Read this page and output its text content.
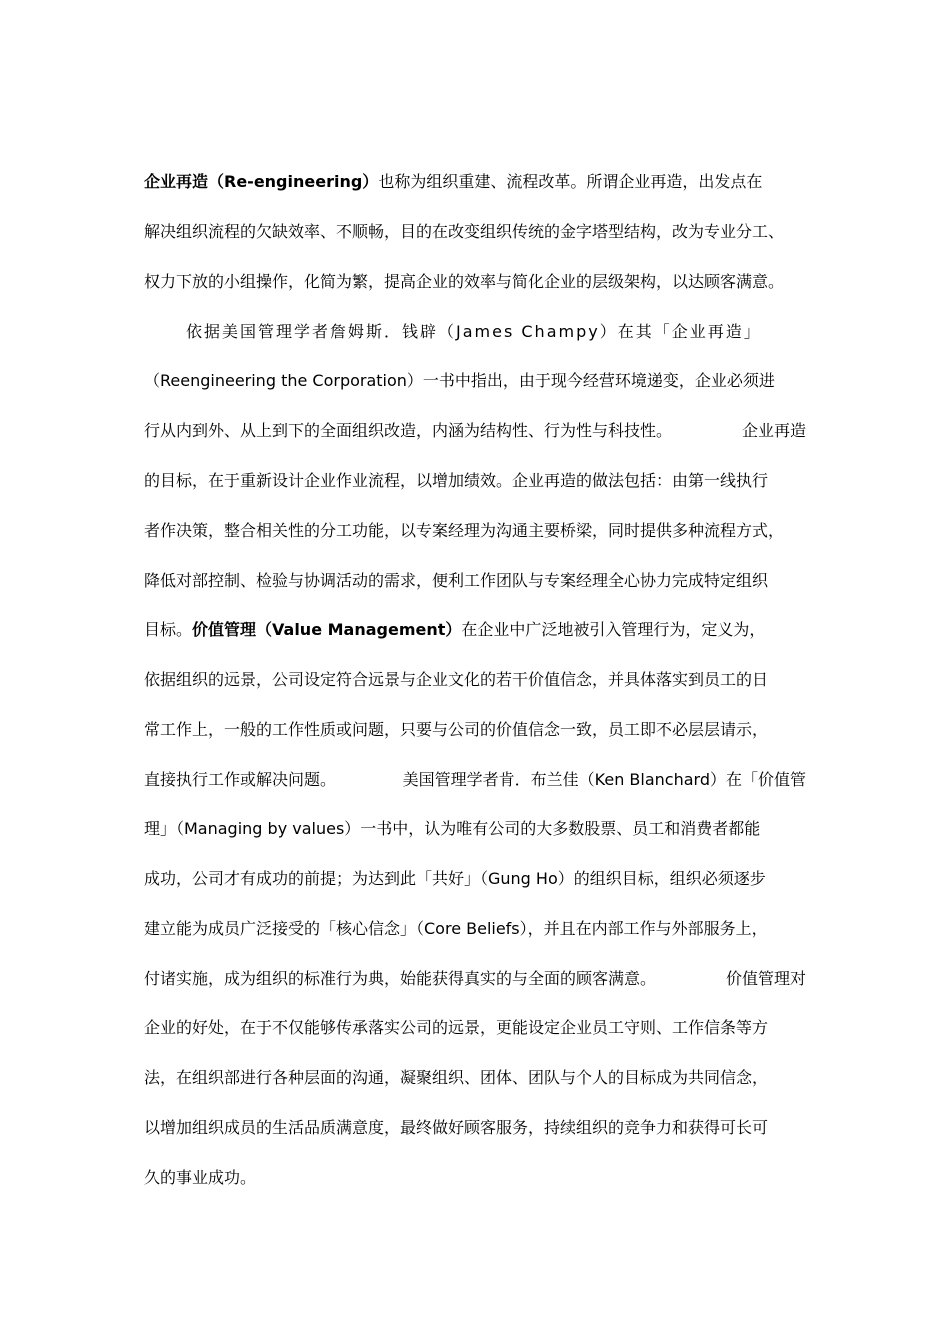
企业再造（Re-engineering）也称为组织重建、流程改革。所谓企业再造，出发点在
解决组织流程的欠缺效率、不顺畅，目的在改变组织传统的金字塔型结构，改为专业分工、
权力下放的小组操作，化简为繁，提高企业的效率与简化企业的层级架构，以达顾客满意。
依据美国管理学者詹姆斯．钱辟（James Champy）在其「企业再造」
（Reengineering the Corporation）一书中指出，由于现今经营环境递变，企业必须进
行从内到外、从上到下的全面组织改造，内涵为结构性、行为性与科技性。	企业再造
的目标，在于重新设计企业作业流程，以增加绩效。企业再造的做法包括：由第一线执行
者作决策，整合相关性的分工功能，以专案经理为沟通主要桥梁，同时提供多种流程方式，
降低对部控制、检验与协调活动的需求，便利工作团队与专案经理全心协力完成特定组织
目标。价值管理（Value Management）在企业中广泛地被引入管理行为，定义为，
依据组织的远景，公司设定符合远景与企业文化的若干价值信念，并具体落实到员工的日
常工作上，一般的工作性质或问题，只要与公司的价值信念一致，员工即不必层层请示，
直接执行工作或解决问题。	美国管理学者肯．布兰佳（Ken Blanchard）在「价值管
理」（Managing by values）一书中，认为唯有公司的大多数股票、员工和消费者都能
成功，公司才有成功的前提；为达到此「共好」（Gung Ho）的组织目标，组织必须逐步
建立能为成员广泛接受的「核心信念」（Core Beliefs），并且在内部工作与外部服务上，
付诸实施，成为组织的标准行为典，始能获得真实的与全面的顾客满意。	价值管理对
企业的好处，在于不仅能够传承落实公司的远景，更能设定企业员工守则、工作信条等方
法，在组织部进行各种层面的沟通，凝聚组织、团体、团队与个人的目标成为共同信念，
以增加组织成员的生活品质满意度，最终做好顾客服务，持续组织的竞争力和获得可长可
久的事业成功。
